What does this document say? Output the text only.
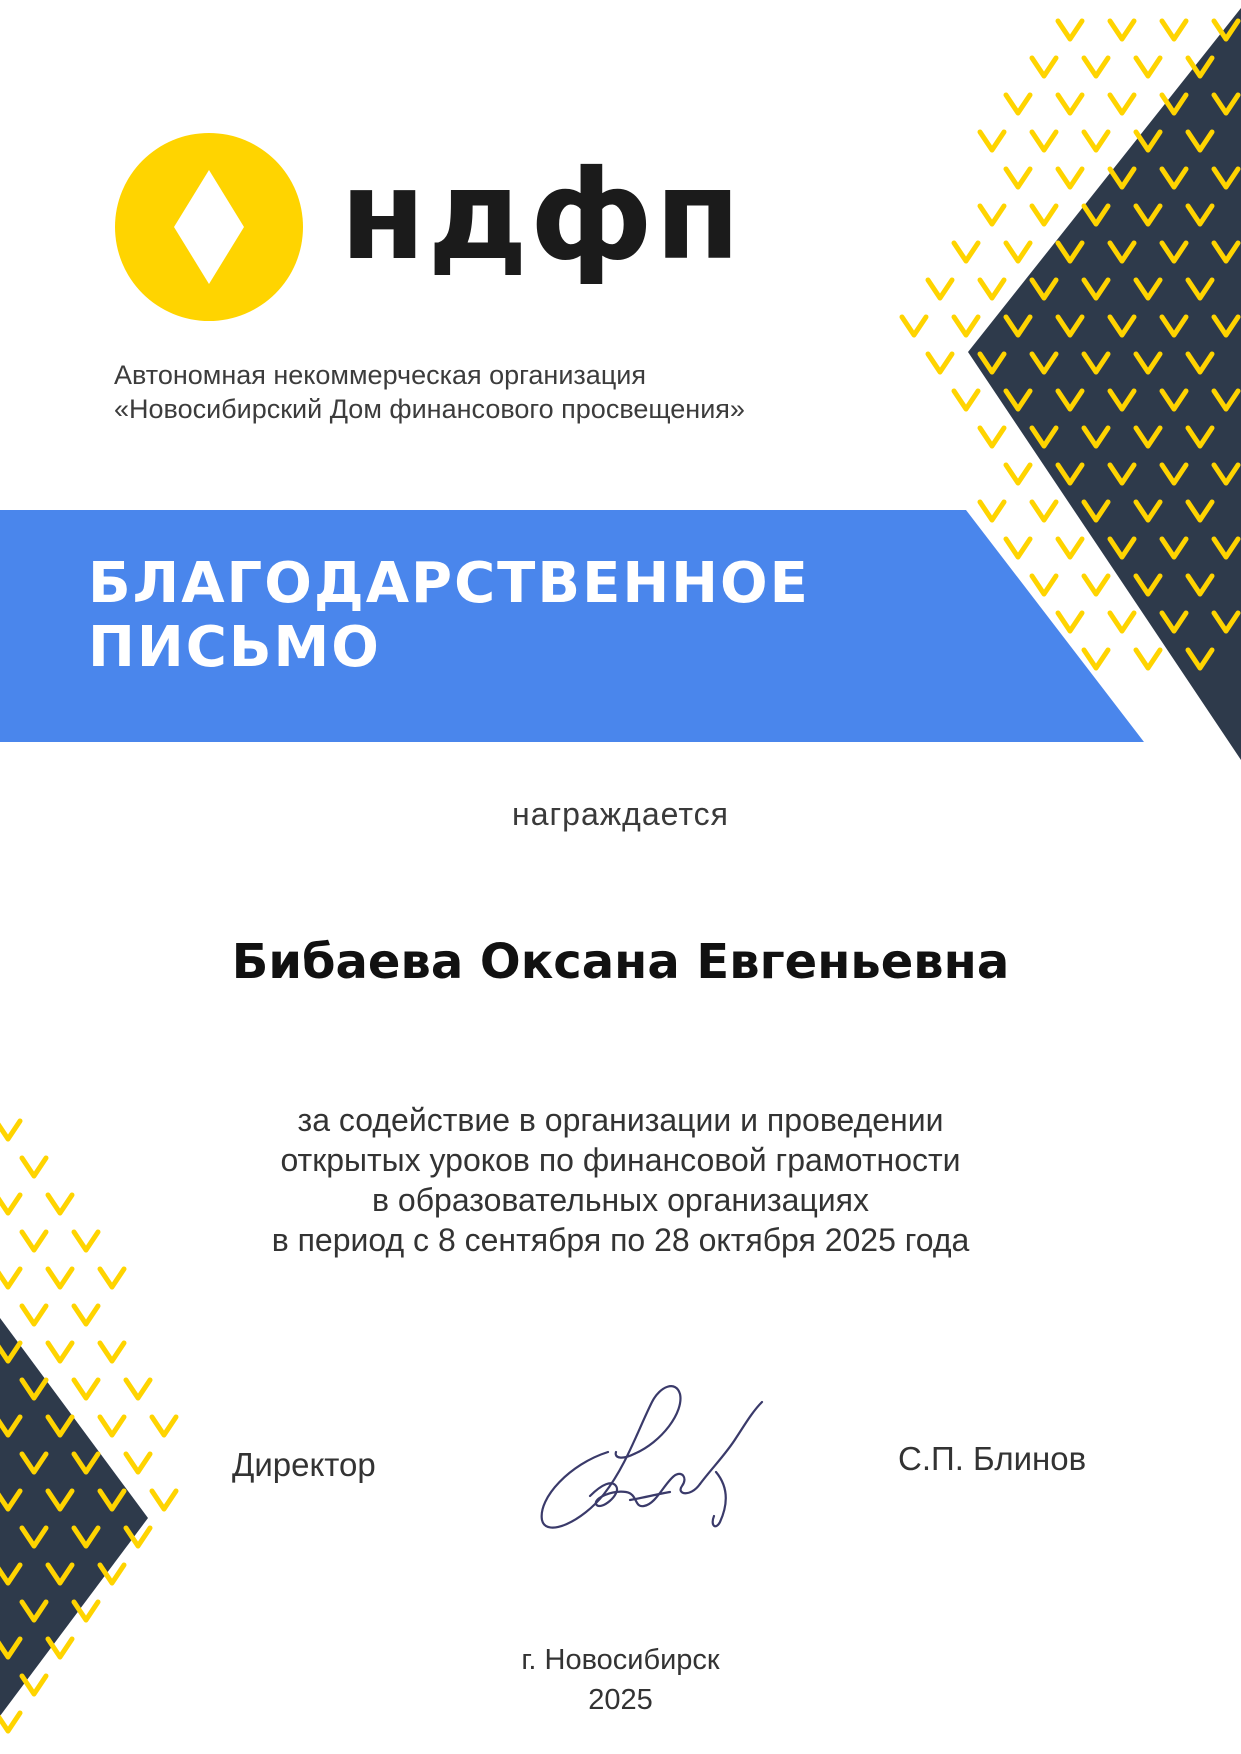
ндфп
Автономная некоммерческая организация
«Новосибирский Дом финансового просвещения»
БЛАГОДАРСТВЕННОЕ
ПИСЬМО
награждается
Бибаева Оксана Евгеньевна
за содействие в организации и проведении
открытых уроков по финансовой грамотности
в образовательных организациях
в период с 8 сентября по 28 октября 2025 года
Директор	С.П. Блинов
г. Новосибирск
2025
